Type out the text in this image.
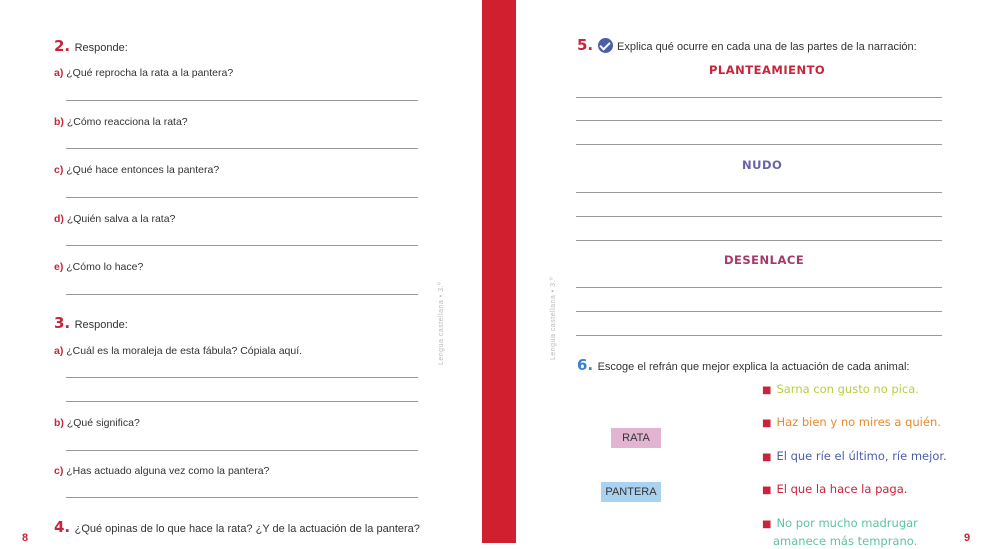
2. Responde:
a) ¿Qué reprocha la rata a la pantera?
b) ¿Cómo reacciona la rata?
c) ¿Qué hace entonces la pantera?
d) ¿Quién salva a la rata?
e) ¿Cómo lo hace?
3. Responde:
a) ¿Cuál es la moraleja de esta fábula? Cópiala aquí.
b) ¿Qué significa?
c) ¿Has actuado alguna vez como la pantera?
4. ¿Qué opinas de lo que hace la rata? ¿Y de la actuación de la pantera?
Lengua castellana • 3.º
8
5. Explica qué ocurre en cada una de las partes de la narración:
PLANTEAMIENTO
NUDO
DESENLACE
6. Escoge el refrán que mejor explica la actuación de cada animal:
RATA
PANTERA
■ Sarna con gusto no pica.
■ Haz bien y no mires a quién.
■ El que ríe el último, ríe mejor.
■ El que la hace la paga.
■ No por mucho madrugar
amanece más temprano.
Lengua castellana • 3.º
9
